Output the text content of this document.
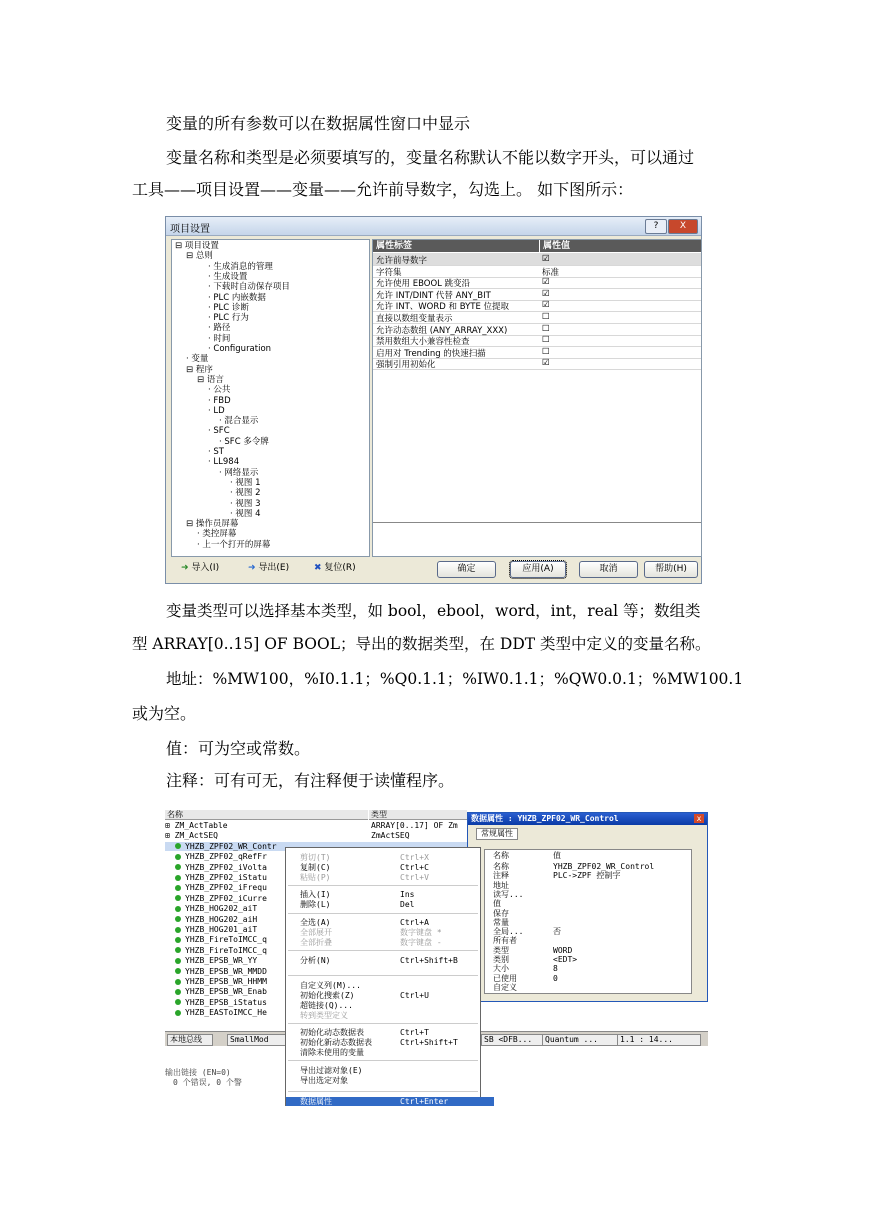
变量的所有参数可以在数据属性窗口中显示
变量名称和类型是必须要填写的，变量名称默认不能以数字开头，可以通过
工具——项目设置——变量——允许前导数字，勾选上。 如下图所示：
项目设置	?	X
⊟ 项目设置
⊟ 总则
· 生成消息的管理
· 生成设置
· 下载时自动保存项目
· PLC 内嵌数据
· PLC 诊断
· PLC 行为
· 路径
· 时间
· Configuration
· 变量
⊟ 程序
⊟ 语言
· 公共
· FBD
· LD
· 混合显示
· SFC
· SFC 多令牌
· ST
· LL984
· 网络显示
· 视图 1
· 视图 2
· 视图 3
· 视图 4
⊟ 操作员屏幕
· 类控屏幕
· 上一个打开的屏幕
属性标签	属性值
允许前导数字	☑
字符集	标准
允许使用 EBOOL 跳变沿	☑
允许 INT/DINT 代替 ANY_BIT	☑
允许 INT、WORD 和 BYTE 位提取	☑
直接以数组变量表示	☐
允许动态数组 (ANY_ARRAY_XXX)	☐
禁用数组大小兼容性检查	☐
启用对 Trending 的快速扫描	☐
强制引用初始化	☑
➜ 导入(I)	➜ 导出(E)	✖ 复位(R)	确定	应用(A)	取消	帮助(H)
变量类型可以选择基本类型，如 bool，ebool，word，int，real 等；数组类
型 ARRAY[0..15] OF BOOL；导出的数据类型，在 DDT 类型中定义的变量名称。
地址：%MW100，%I0.1.1；%Q0.1.1；%IW0.1.1；%QW0.0.1；%MW100.1
或为空。
值：可为空或常数。
注释：可有可无，有注释便于读懂程序。
名称	类型
⊞ ZM_ActTable	ARRAY[0..17] OF Zm
⊞ ZM_ActSEQ	ZmActSEQ
YHZB_ZPF02_WR_Contr
YHZB_ZPF02_qRefFr
YHZB_ZPF02_iVolta
YHZB_ZPF02_iStatu
YHZB_ZPF02_iFrequ
YHZB_ZPF02_iCurre
YHZB_HOG202_aiT
YHZB_HOG202_aiH
YHZB_HOG201_aiT
YHZB_FireToIMCC_q
YHZB_FireToIMCC_q
YHZB_EPSB_WR_YY
YHZB_EPSB_WR_MMDD
YHZB_EPSB_WR_HHMM
YHZB_EPSB_WR_Enab
YHZB_EPSB_iStatus
YHZB_EASToIMCC_He
本地总线	SmallMod	SB <DFB...	Quantum ...	1.1 : 14...
输出链接 (EN=0)
0 个错误, 0 个警
数据属性 : YHZB_ZPF02_WR_Control	x
常规属性
名称	值
名称	YHZB_ZPF02_WR_Control
注释	PLC->ZPF 控制字
地址
读写...
值
保存
常量
全局...	否
所有者
类型	WORD
类别	<EDT>
大小	8
已使用	0
自定义
剪切(T)	Ctrl+X
复制(C)	Ctrl+C
粘贴(P)	Ctrl+V
插入(I)	Ins
删除(L)	Del
全选(A)	Ctrl+A
全部展开	数字键盘 *
全部折叠	数字键盘 -
分析(N)	Ctrl+Shift+B
自定义列(M)...
初始化搜索(Z)	Ctrl+U
超链接(Q)...
转到类型定义
初始化动态数据表	Ctrl+T
初始化新动态数据表	Ctrl+Shift+T
清除未使用的变量
导出过滤对象(E)
导出选定对象
数据属性	Ctrl+Enter
